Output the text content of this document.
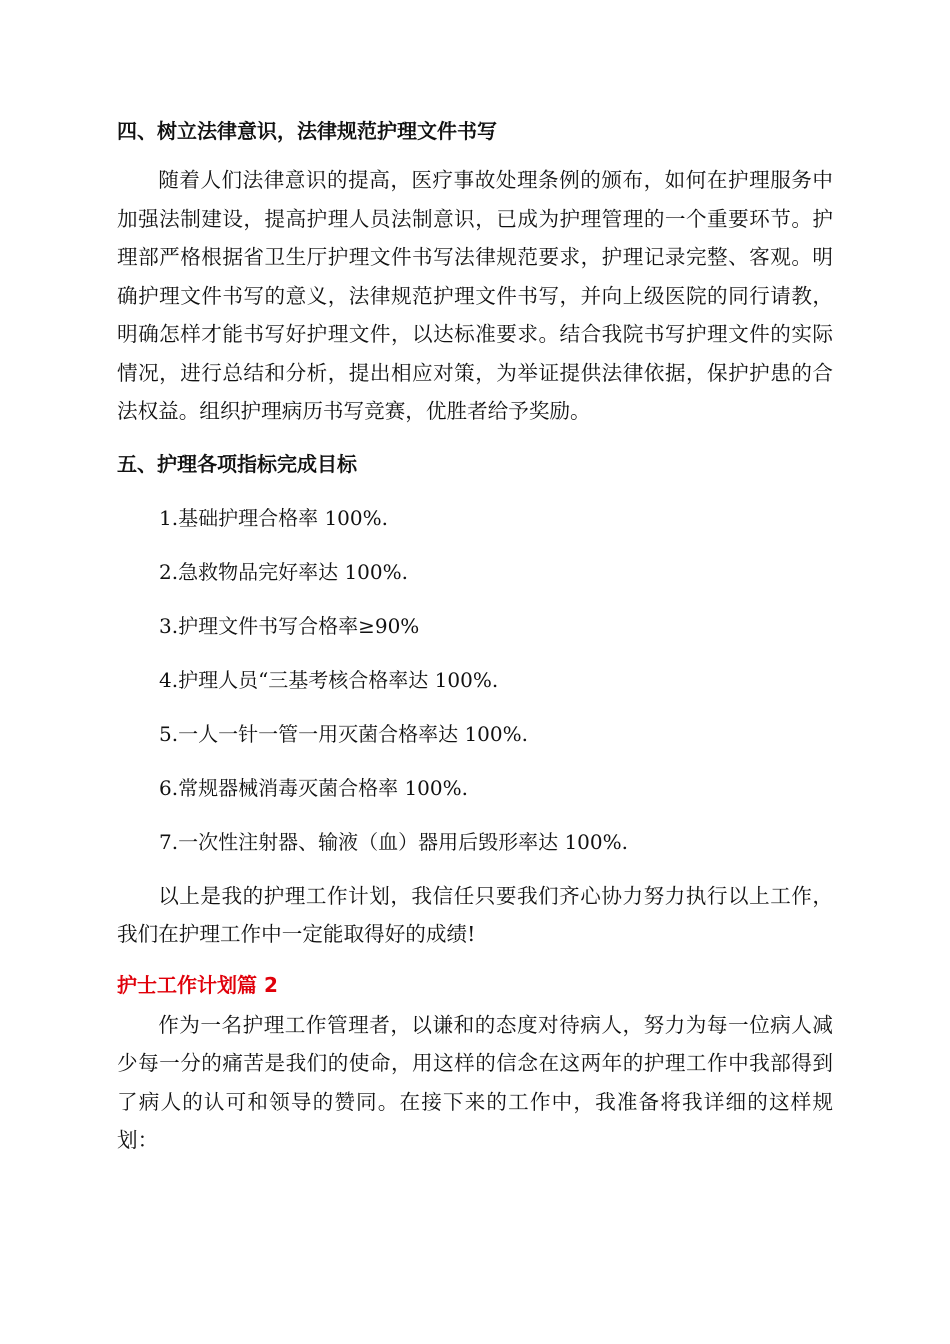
四、树立法律意识，法律规范护理文件书写

随着人们法律意识的提高，医疗事故处理条例的颁布，如何在护理服务中加强法制建设，提高护理人员法制意识，已成为护理管理的一个重要环节。护理部严格根据省卫生厅护理文件书写法律规范要求，护理记录完整、客观。明确护理文件书写的意义，法律规范护理文件书写，并向上级医院的同行请教，明确怎样才能书写好护理文件，以达标准要求。结合我院书写护理文件的实际情况，进行总结和分析，提出相应对策，为举证提供法律依据，保护护患的合法权益。组织护理病历书写竞赛，优胜者给予奖励。

五、护理各项指标完成目标
1.基础护理合格率 100%.
2.急救物品完好率达 100%.
3.护理文件书写合格率≥90%
4.护理人员“三基考核合格率达 100%.
5.一人一针一管一用灭菌合格率达 100%.
6.常规器械消毒灭菌合格率 100%.
7.一次性注射器、输液（血）器用后毁形率达 100%.

以上是我的护理工作计划，我信任只要我们齐心协力努力执行以上工作，我们在护理工作中一定能取得好的成绩!

护士工作计划篇 2

作为一名护理工作管理者，以谦和的态度对待病人，努力为每一位病人减少每一分的痛苦是我们的使命，用这样的信念在这两年的护理工作中我部得到了病人的认可和领导的赞同。在接下来的工作中，我准备将我详细的这样规划：
